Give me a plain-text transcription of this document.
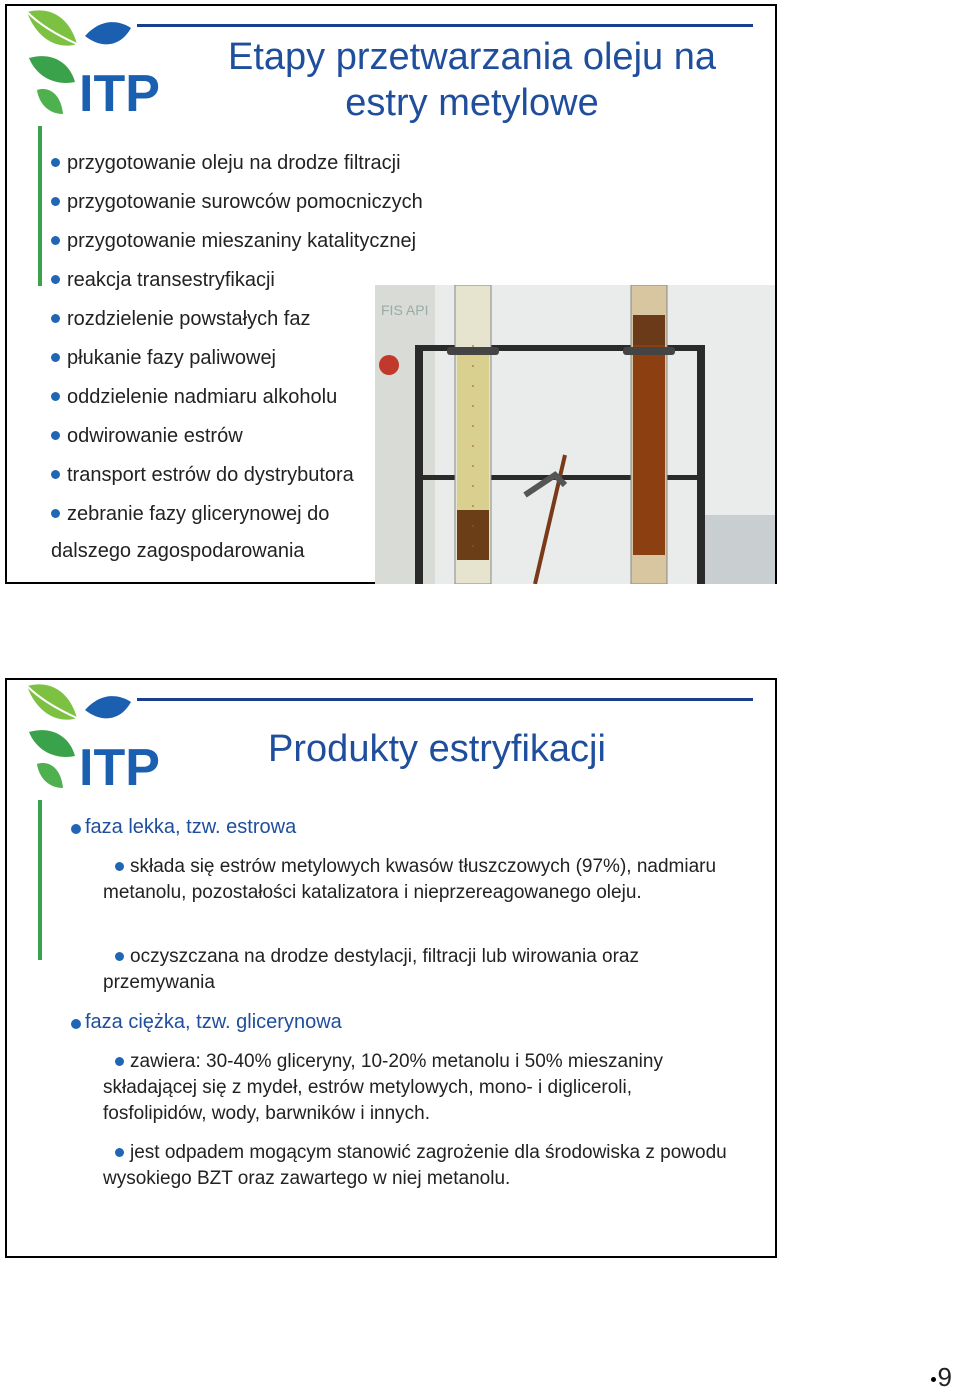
ITP
Etapy przetwarzania oleju na estry metylowe
przygotowanie oleju na drodze filtracji
przygotowanie surowców pomocniczych
przygotowanie mieszaniny katalitycznej
reakcja transestryfikacji
rozdzielenie powstałych faz
płukanie fazy paliwowej
oddzielenie nadmiaru alkoholu
odwirowanie estrów
transport estrów do dystrybutora
zebranie fazy glicerynowej do
dalszego zagospodarowania
FIS API
ITP	Produkty estryfikacji
faza lekka, tzw. estrowa
składa się estrów metylowych kwasów tłuszczowych (97%), nadmiaru metanolu, pozostałości katalizatora i nieprzereagowanego oleju.
oczyszczana na drodze destylacji, filtracji lub wirowania oraz przemywania
faza ciężka, tzw. glicerynowa
zawiera: 30-40% gliceryny, 10-20% metanolu i 50% mieszaniny składającej się z mydeł, estrów metylowych, mono- i digliceroli, fosfolipidów, wody, barwników i innych.
jest odpadem mogącym stanowić zagrożenie dla środowiska z powodu wysokiego BZT oraz zawartego w niej metanolu.
9
